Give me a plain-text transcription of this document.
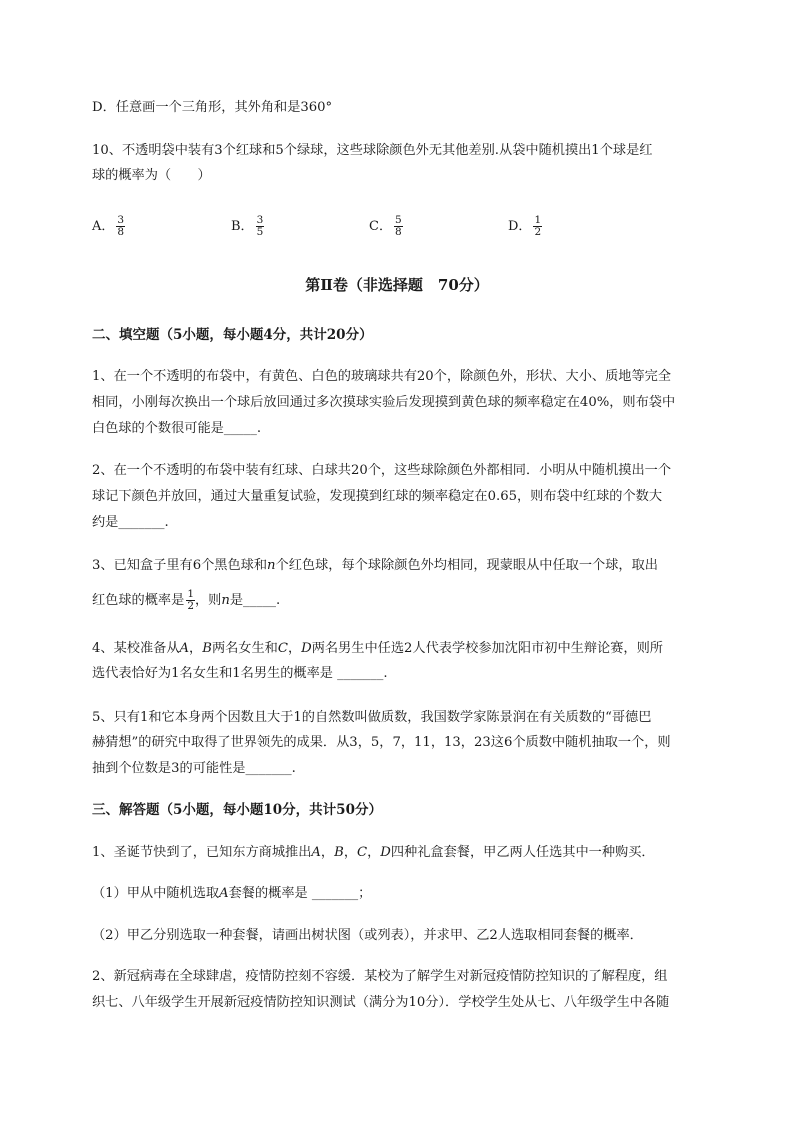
D．任意画一个三角形，其外角和是360°
10、不透明袋中装有3个红球和5个绿球，这些球除颜色外无其他差别.从袋中随机摸出1个球是红
球的概率为（　　）
A． $\frac{3}{8}$	B． $\frac{3}{5}$	C． $\frac{5}{8}$	D． $\frac{1}{2}$
第Ⅱ卷（非选择题　70分）
二、填空题（5小题，每小题4分，共计20分）
1、在一个不透明的布袋中，有黄色、白色的玻璃球共有20个，除颜色外，形状、大小、质地等完全
相同，小刚每次换出一个球后放回通过多次摸球实验后发现摸到黄色球的频率稳定在40%，则布袋中
白色球的个数很可能是_____.
2、在一个不透明的布袋中装有红球、白球共20个，这些球除颜色外都相同．小明从中随机摸出一个
球记下颜色并放回，通过大量重复试验，发现摸到红球的频率稳定在0.65，则布袋中红球的个数大
约是_______.
3、已知盒子里有6个黑色球和n个红色球，每个球除颜色外均相同，现蒙眼从中任取一个球，取出
红色球的概率是 $\frac{1}{2}$ ，则n是_____.
4、某校准备从A，B两名女生和C，D两名男生中任选2人代表学校参加沈阳市初中生辩论赛，则所
选代表恰好为1名女生和1名男生的概率是 _______.
5、只有1和它本身两个因数且大于1的自然数叫做质数，我国数学家陈景润在有关质数的“哥德巴
赫猜想”的研究中取得了世界领先的成果．从3，5，7，11，13，23这6个质数中随机抽取一个，则
抽到个位数是3的可能性是_______.
三、解答题（5小题，每小题10分，共计50分）
1、圣诞节快到了，已知东方商城推出A，B，C，D四种礼盒套餐，甲乙两人任选其中一种购买．
（1）甲从中随机选取A套餐的概率是 _______；
（2）甲乙分别选取一种套餐，请画出树状图（或列表），并求甲、乙2人选取相同套餐的概率．
2、新冠病毒在全球肆虐，疫情防控刻不容缓．某校为了解学生对新冠疫情防控知识的了解程度，组
织七、八年级学生开展新冠疫情防控知识测试（满分为10分）．学校学生处从七、八年级学生中各随
